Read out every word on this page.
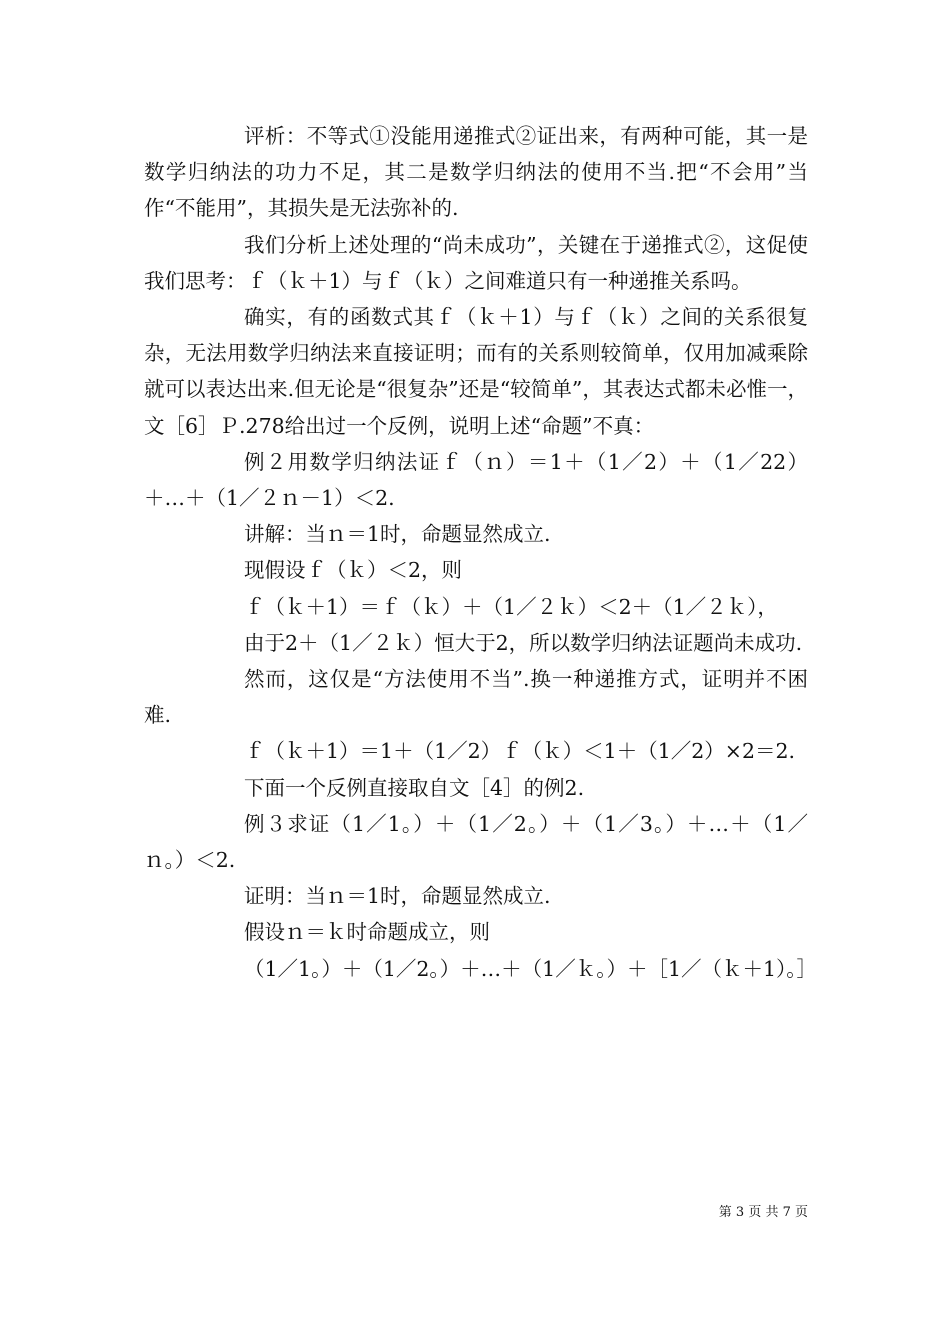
评析：不等式①没能用递推式②证出来，有两种可能，其一是数学归纳法的功力不足，其二是数学归纳法的使用不当.把“不会用”当作“不能用”，其损失是无法弥补的.

我们分析上述处理的“尚未成功”，关键在于递推式②，这促使我们思考：ｆ（ｋ＋1）与ｆ（ｋ）之间难道只有一种递推关系吗。

确实，有的函数式其ｆ（ｋ＋1）与ｆ（ｋ）之间的关系很复杂，无法用数学归纳法来直接证明；而有的关系则较简单，仅用加减乘除就可以表达出来.但无论是“很复杂”还是“较简单”，其表达式都未必惟一，文［6］Ｐ.278给出过一个反例，说明上述“命题”不真：

例２用数学归纳法证ｆ（ｎ）＝1＋（1／2）＋（1／22）＋…＋（1／２ｎ－1）＜2.

讲解：当ｎ＝1时，命题显然成立.

现假设ｆ（ｋ）＜2，则

ｆ（ｋ＋1）＝ｆ（ｋ）＋（1／２ｋ）＜2＋（1／２ｋ），

由于2＋（1／２ｋ）恒大于2，所以数学归纳法证题尚未成功.

然而，这仅是“方法使用不当”.换一种递推方式，证明并不困难.

ｆ（ｋ＋1）＝1＋（1／2）ｆ（ｋ）＜1＋（1／2）×2＝2.

下面一个反例直接取自文［4］的例2.

例３求证（1／1。）＋（1／2。）＋（1／3。）＋…＋（1／ｎ。）＜2.

证明：当ｎ＝1时，命题显然成立.

假设ｎ＝ｋ时命题成立，则

（1／1。）＋（1／2。）＋…＋（1／ｋ。）＋［1／（ｋ＋1）。］

第 3 页 共 7 页
